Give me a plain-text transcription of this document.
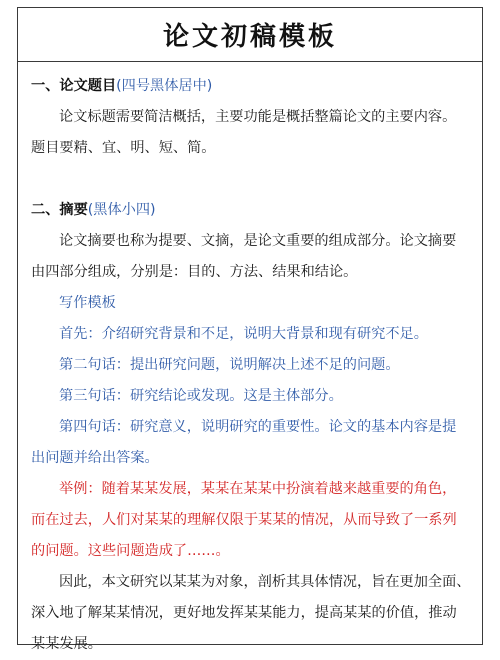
论文初稿模板

一、论文题目(四号黑体居中)

论文标题需要简洁概括，主要功能是概括整篇论文的主要内容。

题目要精、宜、明、短、简。

二、摘要(黑体小四)

论文摘要也称为提要、文摘，是论文重要的组成部分。论文摘要

由四部分组成，分别是：目的、方法、结果和结论。

写作模板

首先：介绍研究背景和不足，说明大背景和现有研究不足。

第二句话：提出研究问题，说明解决上述不足的问题。

第三句话：研究结论或发现。这是主体部分。

第四句话：研究意义，说明研究的重要性。论文的基本内容是提

出问题并给出答案。

举例：随着某某发展，某某在某某中扮演着越来越重要的角色，

而在过去，人们对某某的理解仅限于某某的情况，从而导致了一系列

的问题。这些问题造成了……。

因此，本文研究以某某为对象，剖析其具体情况，旨在更加全面、

深入地了解某某情况，更好地发挥某某能力，提高某某的价值，推动

某某发展。
